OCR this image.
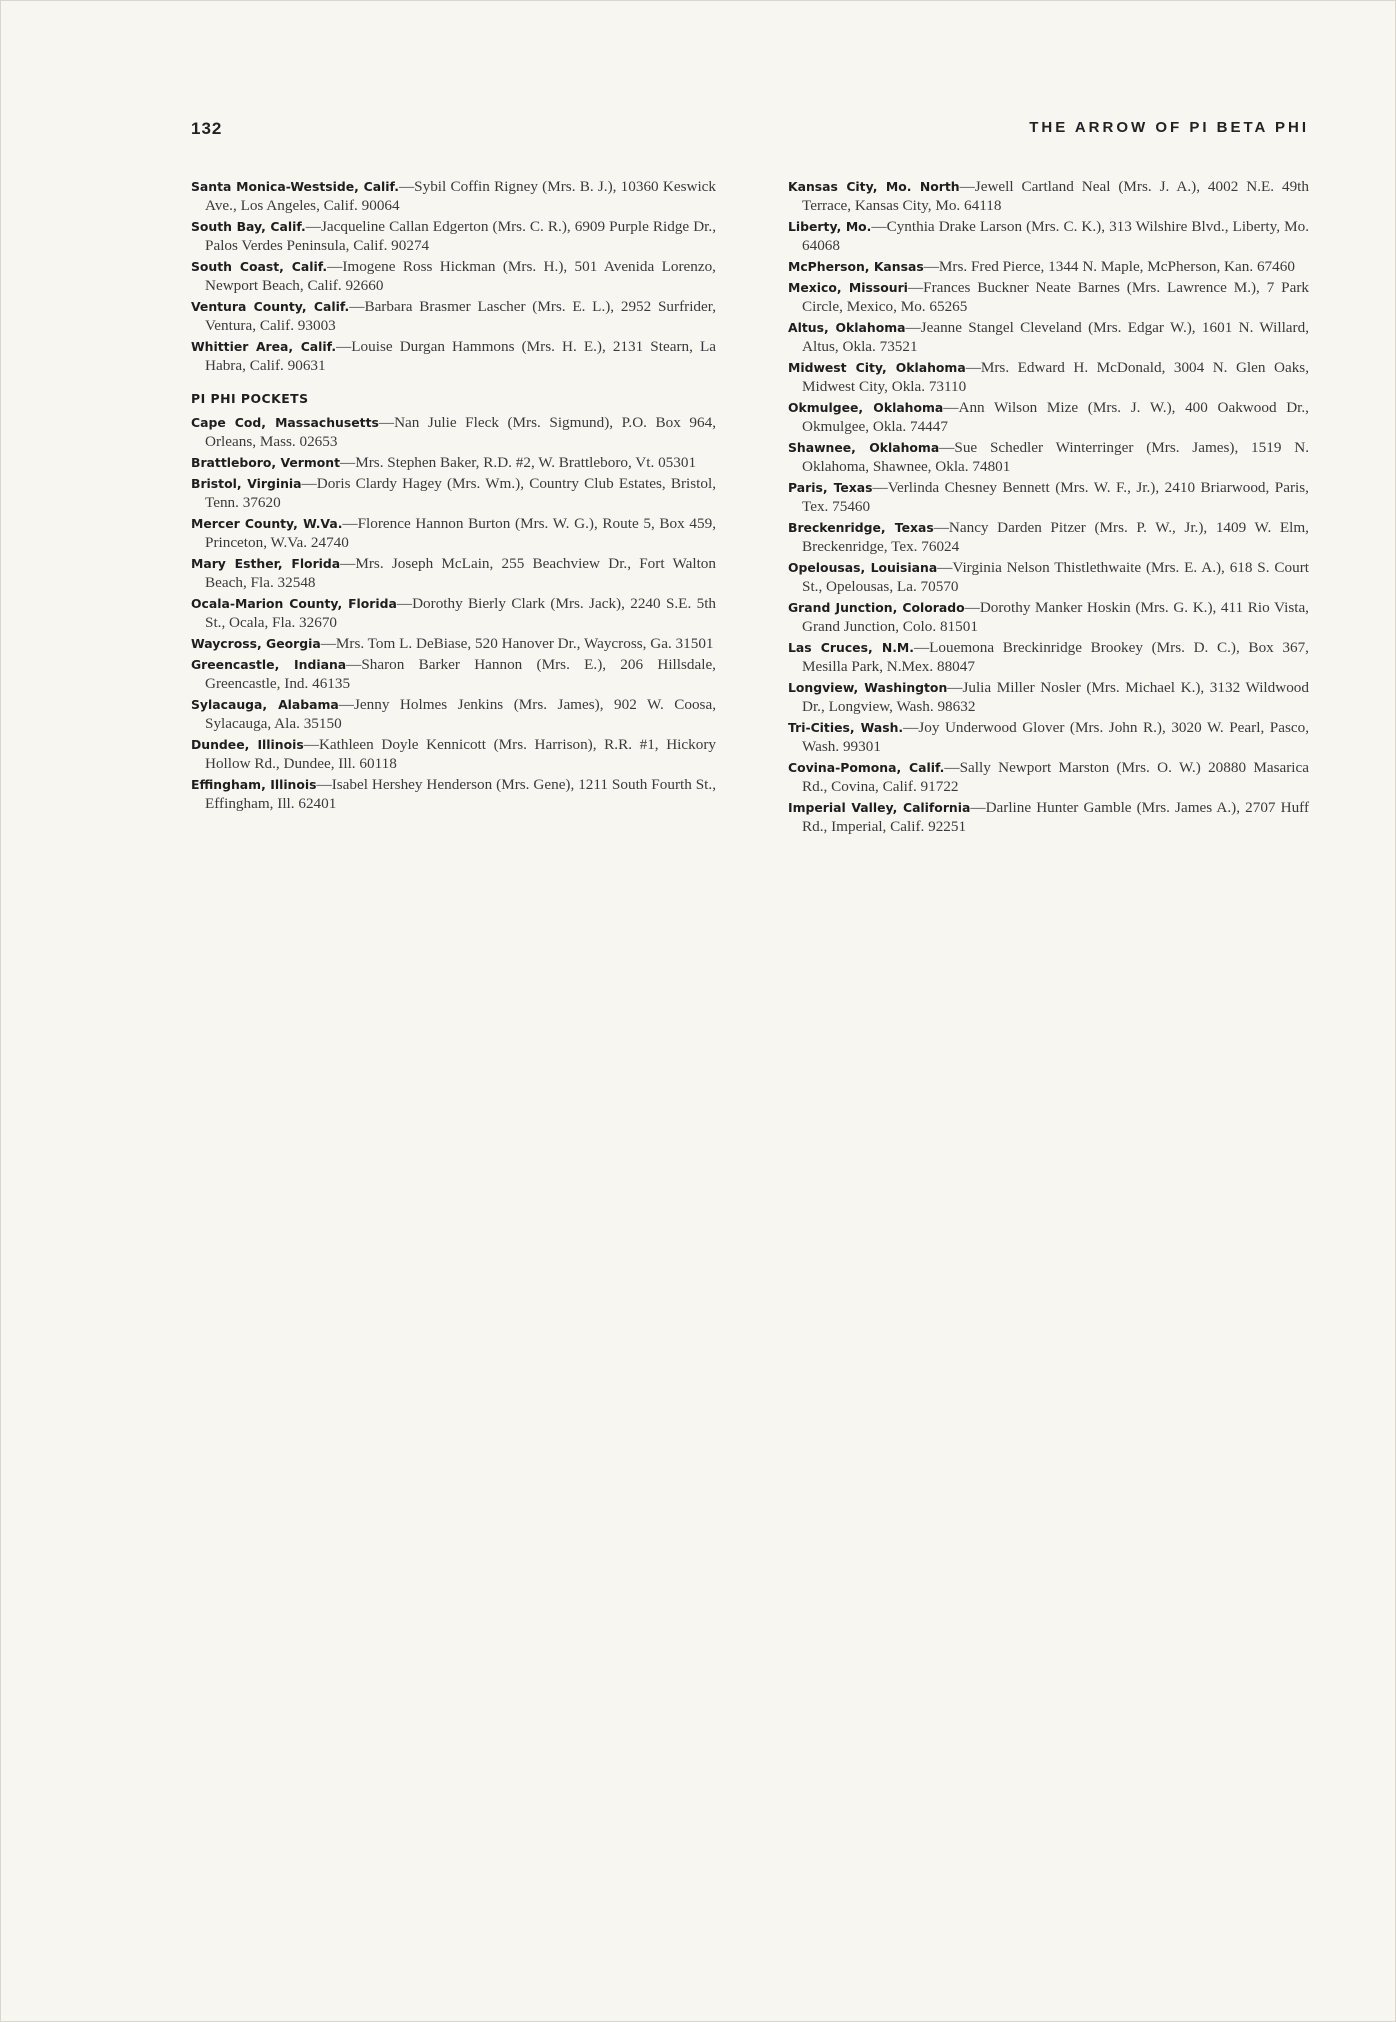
132	THE ARROW OF PI BETA PHI

Santa Monica-Westside, Calif.—Sybil Coffin Rigney (Mrs. B. J.), 10360 Keswick Ave., Los Angeles, Calif. 90064

South Bay, Calif.—Jacqueline Callan Edgerton (Mrs. C. R.), 6909 Purple Ridge Dr., Palos Verdes Peninsula, Calif. 90274

South Coast, Calif.—Imogene Ross Hickman (Mrs. H.), 501 Avenida Lorenzo, Newport Beach, Calif. 92660

Ventura County, Calif.—Barbara Brasmer Lascher (Mrs. E. L.), 2952 Surfrider, Ventura, Calif. 93003

Whittier Area, Calif.—Louise Durgan Hammons (Mrs. H. E.), 2131 Stearn, La Habra, Calif. 90631

PI PHI POCKETS

Cape Cod, Massachusetts—Nan Julie Fleck (Mrs. Sigmund), P.O. Box 964, Orleans, Mass. 02653

Brattleboro, Vermont—Mrs. Stephen Baker, R.D. #2, W. Brattleboro, Vt. 05301

Bristol, Virginia—Doris Clardy Hagey (Mrs. Wm.), Country Club Estates, Bristol, Tenn. 37620

Mercer County, W.Va.—Florence Hannon Burton (Mrs. W. G.), Route 5, Box 459, Princeton, W.Va. 24740

Mary Esther, Florida—Mrs. Joseph McLain, 255 Beachview Dr., Fort Walton Beach, Fla. 32548

Ocala-Marion County, Florida—Dorothy Bierly Clark (Mrs. Jack), 2240 S.E. 5th St., Ocala, Fla. 32670

Waycross, Georgia—Mrs. Tom L. DeBiase, 520 Hanover Dr., Waycross, Ga. 31501

Greencastle, Indiana—Sharon Barker Hannon (Mrs. E.), 206 Hillsdale, Greencastle, Ind. 46135

Sylacauga, Alabama—Jenny Holmes Jenkins (Mrs. James), 902 W. Coosa, Sylacauga, Ala. 35150

Dundee, Illinois—Kathleen Doyle Kennicott (Mrs. Harrison), R.R. #1, Hickory Hollow Rd., Dundee, Ill. 60118

Effingham, Illinois—Isabel Hershey Henderson (Mrs. Gene), 1211 South Fourth St., Effingham, Ill. 62401

Kansas City, Mo. North—Jewell Cartland Neal (Mrs. J. A.), 4002 N.E. 49th Terrace, Kansas City, Mo. 64118

Liberty, Mo.—Cynthia Drake Larson (Mrs. C. K.), 313 Wilshire Blvd., Liberty, Mo. 64068

McPherson, Kansas—Mrs. Fred Pierce, 1344 N. Maple, McPherson, Kan. 67460

Mexico, Missouri—Frances Buckner Neate Barnes (Mrs. Lawrence M.), 7 Park Circle, Mexico, Mo. 65265

Altus, Oklahoma—Jeanne Stangel Cleveland (Mrs. Edgar W.), 1601 N. Willard, Altus, Okla. 73521

Midwest City, Oklahoma—Mrs. Edward H. McDonald, 3004 N. Glen Oaks, Midwest City, Okla. 73110

Okmulgee, Oklahoma—Ann Wilson Mize (Mrs. J. W.), 400 Oakwood Dr., Okmulgee, Okla. 74447

Shawnee, Oklahoma—Sue Schedler Winterringer (Mrs. James), 1519 N. Oklahoma, Shawnee, Okla. 74801

Paris, Texas—Verlinda Chesney Bennett (Mrs. W. F., Jr.), 2410 Briarwood, Paris, Tex. 75460

Breckenridge, Texas—Nancy Darden Pitzer (Mrs. P. W., Jr.), 1409 W. Elm, Breckenridge, Tex. 76024

Opelousas, Louisiana—Virginia Nelson Thistlethwaite (Mrs. E. A.), 618 S. Court St., Opelousas, La. 70570

Grand Junction, Colorado—Dorothy Manker Hoskin (Mrs. G. K.), 411 Rio Vista, Grand Junction, Colo. 81501

Las Cruces, N.M.—Louemona Breckinridge Brookey (Mrs. D. C.), Box 367, Mesilla Park, N.Mex. 88047

Longview, Washington—Julia Miller Nosler (Mrs. Michael K.), 3132 Wildwood Dr., Longview, Wash. 98632

Tri-Cities, Wash.—Joy Underwood Glover (Mrs. John R.), 3020 W. Pearl, Pasco, Wash. 99301

Covina-Pomona, Calif.—Sally Newport Marston (Mrs. O. W.) 20880 Masarica Rd., Covina, Calif. 91722

Imperial Valley, California—Darline Hunter Gamble (Mrs. James A.), 2707 Huff Rd., Imperial, Calif. 92251
